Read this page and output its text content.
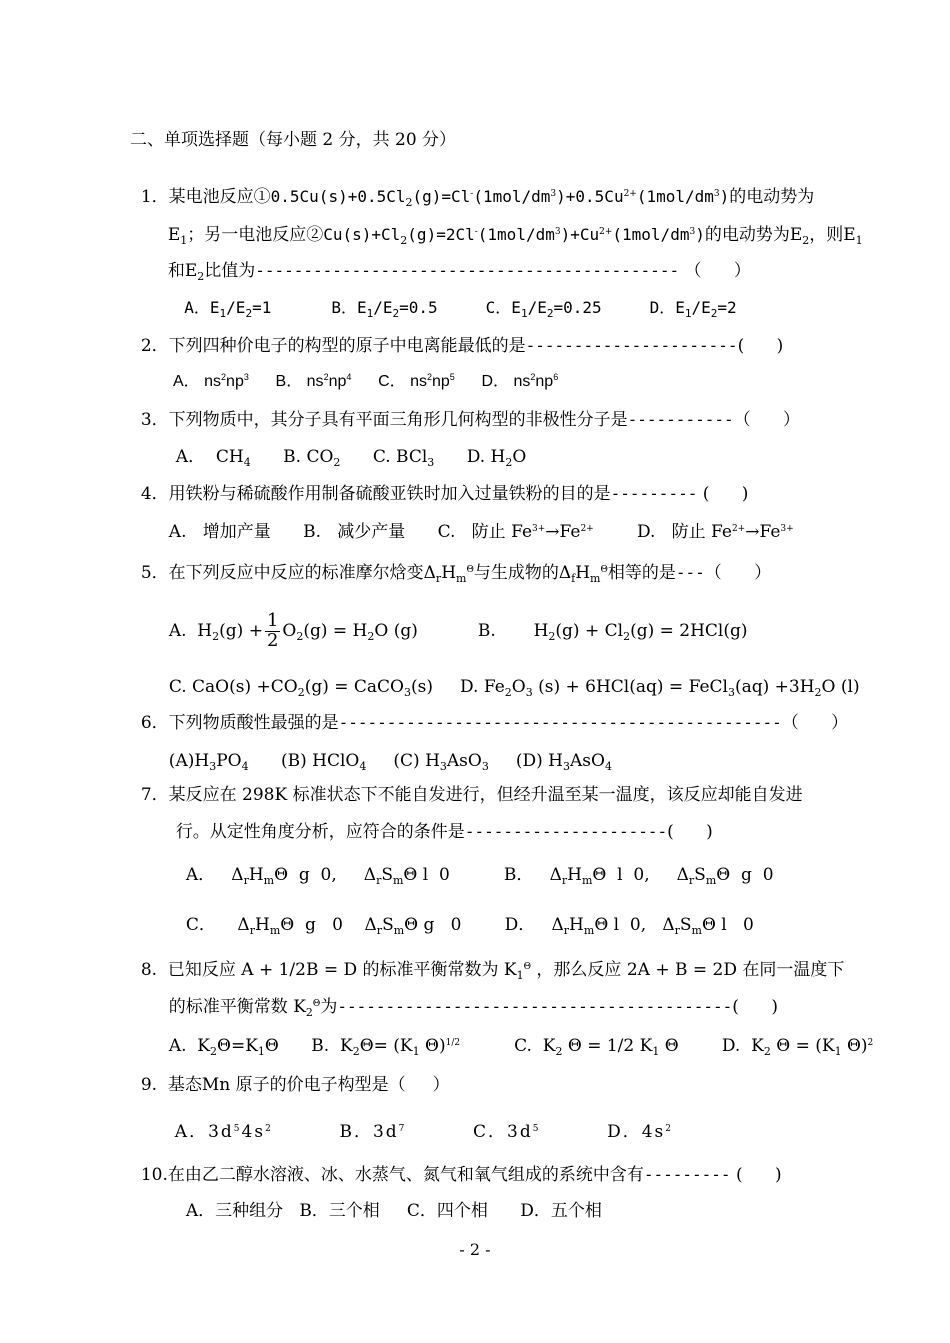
二、单项选择题（每小题 2 分，共 20 分）

1．某电池反应$①0.5Cu(s)+0.5Cl_2(g)=Cl^-(1mol/dm^3)+0.5Cu^{2+}(1mol/dm^3)$的电动势为

$E_1$；另一电池反应$②Cu(s)+Cl_2(g)=2Cl^-(1mol/dm^3)+Cu^{2+}(1mol/dm^3)$的电动势为$E_2$，则$E_1$

和$E_2$比值为-------------------------------------------- （      ）

A．$E_1/E_2=1$	B．$E_1/E_2=0.5$	C．$E_1/E_2=0.25$	D．$E_1/E_2=2$

2．下列四种价电子的构型的原子中电离能最低的是----------------------(      )

A． $ns^2np^3$      B． $ns^2np^4$      C． $ns^2np^5$      D． $ns^2np^6$

3．下列物质中，其分子具有平面三角形几何构型的非极性分子是-----------（      ）

A．  $CH_4$      B. $CO_2$      C. BCl$_3$      D. $H_2O$

4．用铁粉与稀硫酸作用制备硫酸亚铁时加入过量铁粉的目的是--------- (      )

A.   增加产量      B.   减少产量      C.   防止 $Fe^{3+}\to Fe^{2+}$        D.   防止 $Fe^{2+}\to Fe^{3+}$

5．在下列反应中反应的标准摩尔焓变$\Delta_rH_m^\Theta$与生成物的$\Delta_fH_m^\Theta$相等的是---（      ）

A.  $H_2(g) + \frac{1}{2} O_2(g) = H_2O$ (g)	B.       $H_2(g) + Cl_2(g) = 2HCl(g)$

C. $CaO(s) +CO_2(g)$ = CaCO$_3$(s) D. $Fe_2O_3$ (s) + 6HCl(aq) = FeCl$_3$(aq) $+3H_2O$ (l)

6．下列物质酸性最强的是----------------------------------------------（      ）

$(A)H_3PO_4$      (B) HClO$_4$     (C) $H_3AsO_3$     (D) $H_3AsO_4$

7．某反应在 298K 标准状态下不能自发进行，但经升温至某一温度，该反应却能自发进

行。从定性角度分析，应符合的条件是---------------------(      )

A．   $\Delta_rH_m\Theta$  g  0,     $\Delta_rS_m\Theta$ l  0	B．   $\Delta_rH_m\Theta$  l  0,     $\Delta_rS_m\Theta$  g  0

C．    $\Delta_rH_m\Theta$  g   0    $\Delta_rS_m\Theta$ g   0	D．   $\Delta_rH_m\Theta$ l  0,   $\Delta_rS_m\Theta$ l   0

8.  已知反应 A + 1/2B = D 的标准平衡常数为 $K_1^\Theta$ ，那么反应 2A + B = 2D 在同一温度下

的标准平衡常数 $K_2^\Theta$为-----------------------------------------(      )

A.  $K_2\Theta=K_1\Theta$ B.  $K_2\Theta= (K_1$ Θ)$^{1/2}$	C.  $K_2$ Θ = 1/2 $K_1$ Θ	D.  $K_2$ $\Theta = (K_1$ Θ)$^2$

9. 基态Mn 原子的价电子构型是（     ）

A．$3d^54s^2$         B．$3d^7$         C．$3d^5$         D．$4s^2$

10.在由乙二醇水溶液、冰、水蒸气、氮气和氧气组成的系统中含有--------- (      )

A．三种组分 B．三个相 C．四个相 D．五个相

- 2 -
